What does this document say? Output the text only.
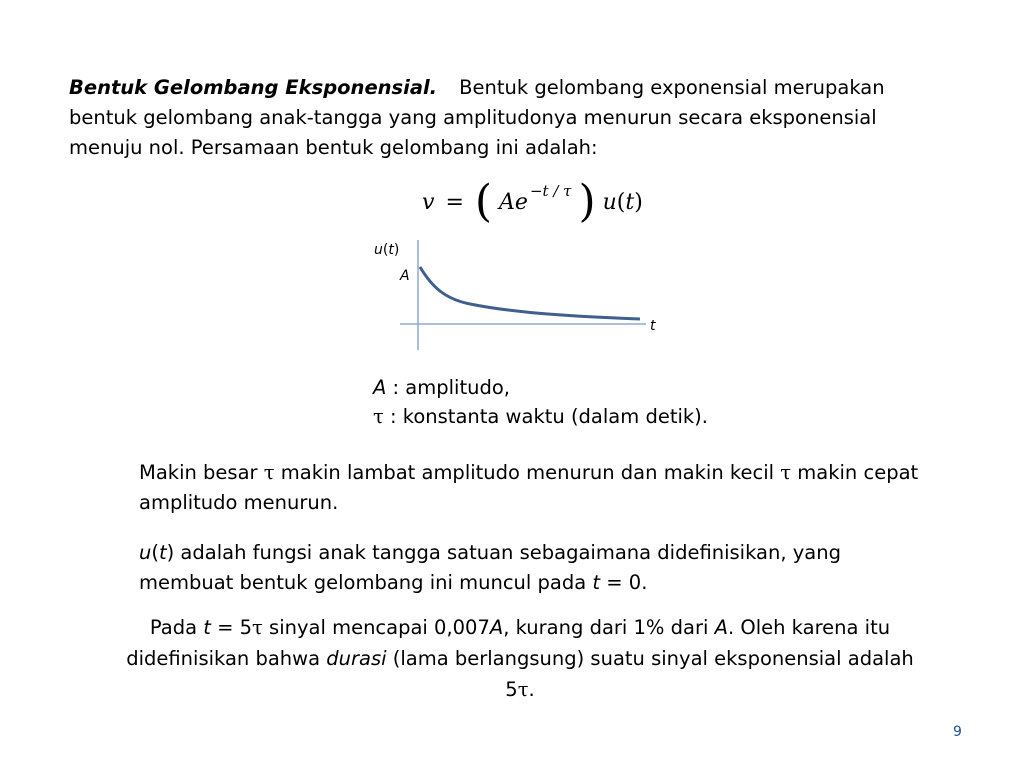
Bentuk Gelombang Eksponensial. Bentuk gelombang exponensial merupakan bentuk gelombang anak-tangga yang amplitudonya menurun secara eksponensial menuju nol. Persamaan bentuk gelombang ini adalah:

v = ( Ae −t / τ ) u(t)
u(t)
A
t
A : amplitudo,
τ : konstanta waktu (dalam detik).

Makin besar τ makin lambat amplitudo menurun dan makin kecil τ makin cepat amplitudo menurun.

u(t) adalah fungsi anak tangga satuan sebagaimana didefinisikan, yang membuat bentuk gelombang ini muncul pada t = 0.

Pada t = 5τ sinyal mencapai 0,007A, kurang dari 1% dari A. Oleh karena itu didefinisikan bahwa durasi (lama berlangsung) suatu sinyal eksponensial adalah 5τ.

9
